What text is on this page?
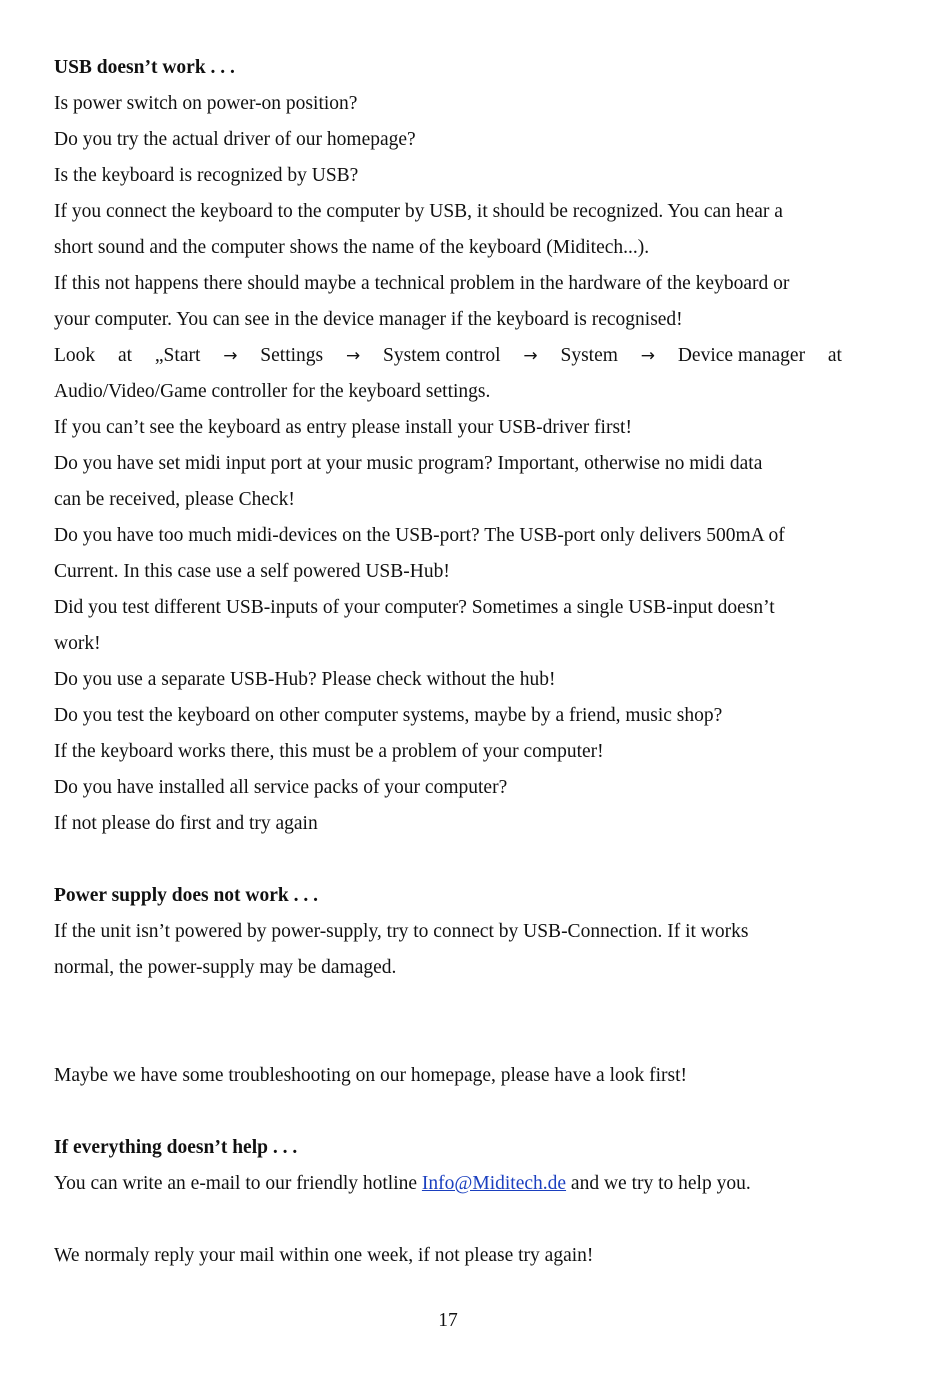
USB doesn’t work . . .
Is power switch on power-on position?
Do you try the actual driver of our homepage?
Is the keyboard is recognized by USB?
If you connect the keyboard to the computer by USB, it should be recognized. You can hear a
short sound and the computer shows the name of the keyboard (Miditech...).
If this not happens there should maybe a technical problem in the hardware of the keyboard or
your computer. You can see in the device manager if the keyboard is recognised!
Look at „Start → Settings → System control → System → Device manager at
Audio/Video/Game controller for the keyboard settings.
If you can’t see the keyboard as entry please install your USB-driver first!
Do you have set midi input port at your music program? Important, otherwise no midi data
can be received, please Check!
Do you have too much midi-devices on the USB-port? The USB-port only delivers 500mA of
Current. In this case use a self powered USB-Hub!
Did you test different USB-inputs of your computer? Sometimes a single USB-input doesn’t
work!
Do you use a separate USB-Hub? Please check without the hub!
Do you test the keyboard on other computer systems, maybe by a friend, music shop?
If the keyboard works there, this must be a problem of your computer!
Do you have installed all service packs of your computer?
If not please do first and try again
Power supply does not work . . .
If the unit isn’t powered by power-supply, try to connect by USB-Connection. If it works
normal, the power-supply may be damaged.
Maybe we have some troubleshooting on our homepage, please have a look first!
If everything doesn’t help . . .
You can write an e-mail to our friendly hotline Info@Miditech.de and we try to help you.
We normaly reply your mail within one week, if not please try again!
17
